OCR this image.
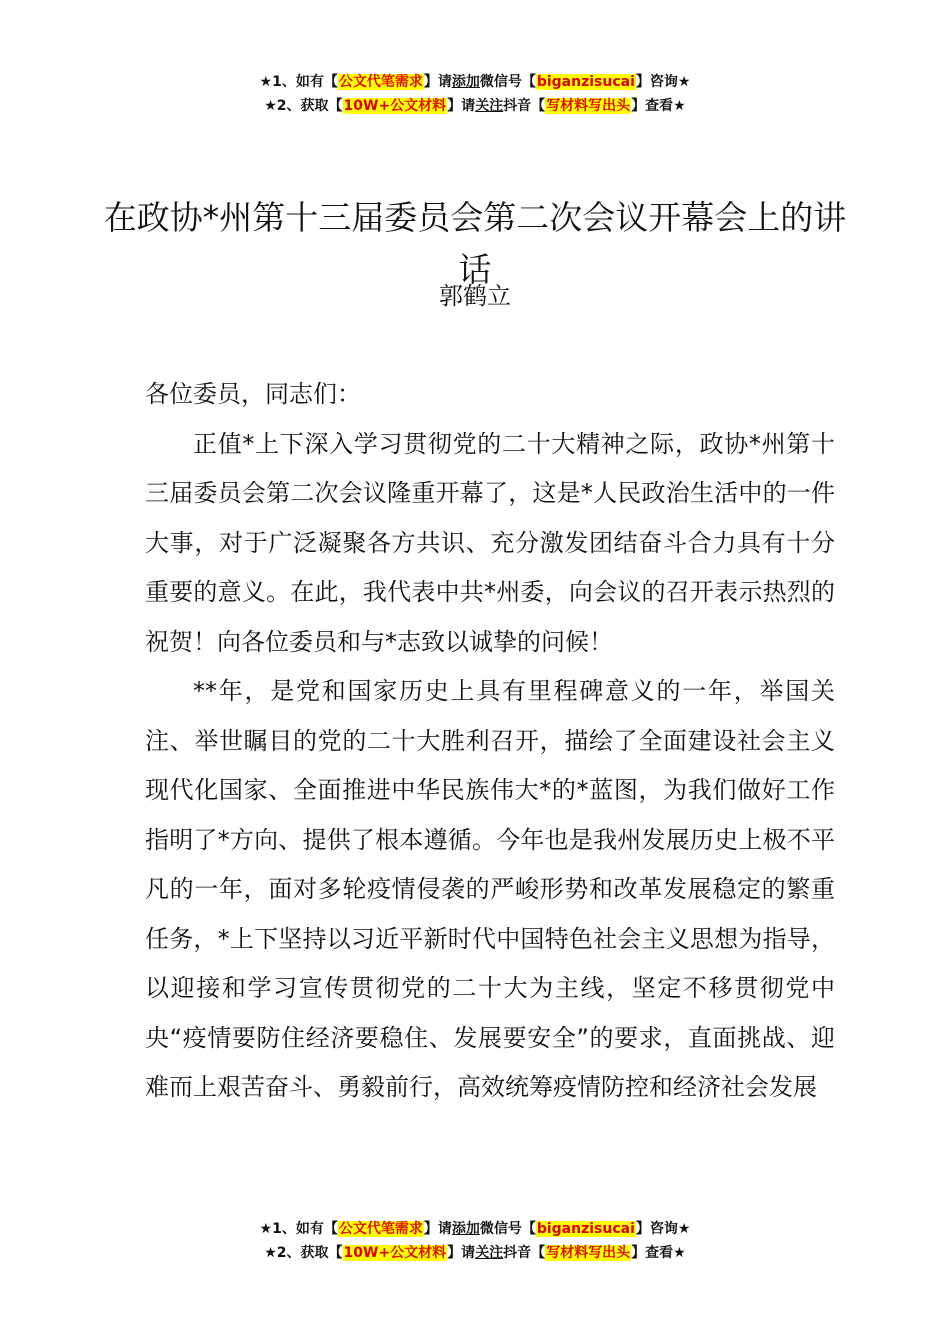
★1、如有【公文代笔需求】请添加微信号【biganzisucai】咨询★
★2、获取【10W+公文材料】请关注抖音【写材料写出头】查看★
在政协*州第十三届委员会第二次会议开幕会上的讲话
郭鹤立

各位委员，同志们：

正值*上下深入学习贯彻党的二十大精神之际，政协*州第十三届委员会第二次会议隆重开幕了，这是*人民政治生活中的一件大事，对于广泛凝聚各方共识、充分激发团结奋斗合力具有十分重要的意义。在此，我代表中共*州委，向会议的召开表示热烈的祝贺！向各位委员和与*志致以诚挚的问候！

**年，是党和国家历史上具有里程碑意义的一年，举国关注、举世瞩目的党的二十大胜利召开，描绘了全面建设社会主义现代化国家、全面推进中华民族伟大*的*蓝图，为我们做好工作指明了*方向、提供了根本遵循。今年也是我州发展历史上极不平凡的一年，面对多轮疫情侵袭的严峻形势和改革发展稳定的繁重任务，*上下坚持以习近平新时代中国特色社会主义思想为指导，以迎接和学习宣传贯彻党的二十大为主线，坚定不移贯彻党中央“疫情要防住经济要稳住、发展要安全”的要求，直面挑战、迎难而上艰苦奋斗、勇毅前行，高效统筹疫情防控和经济社会发展

★1、如有【公文代笔需求】请添加微信号【biganzisucai】咨询★
★2、获取【10W+公文材料】请关注抖音【写材料写出头】查看★
